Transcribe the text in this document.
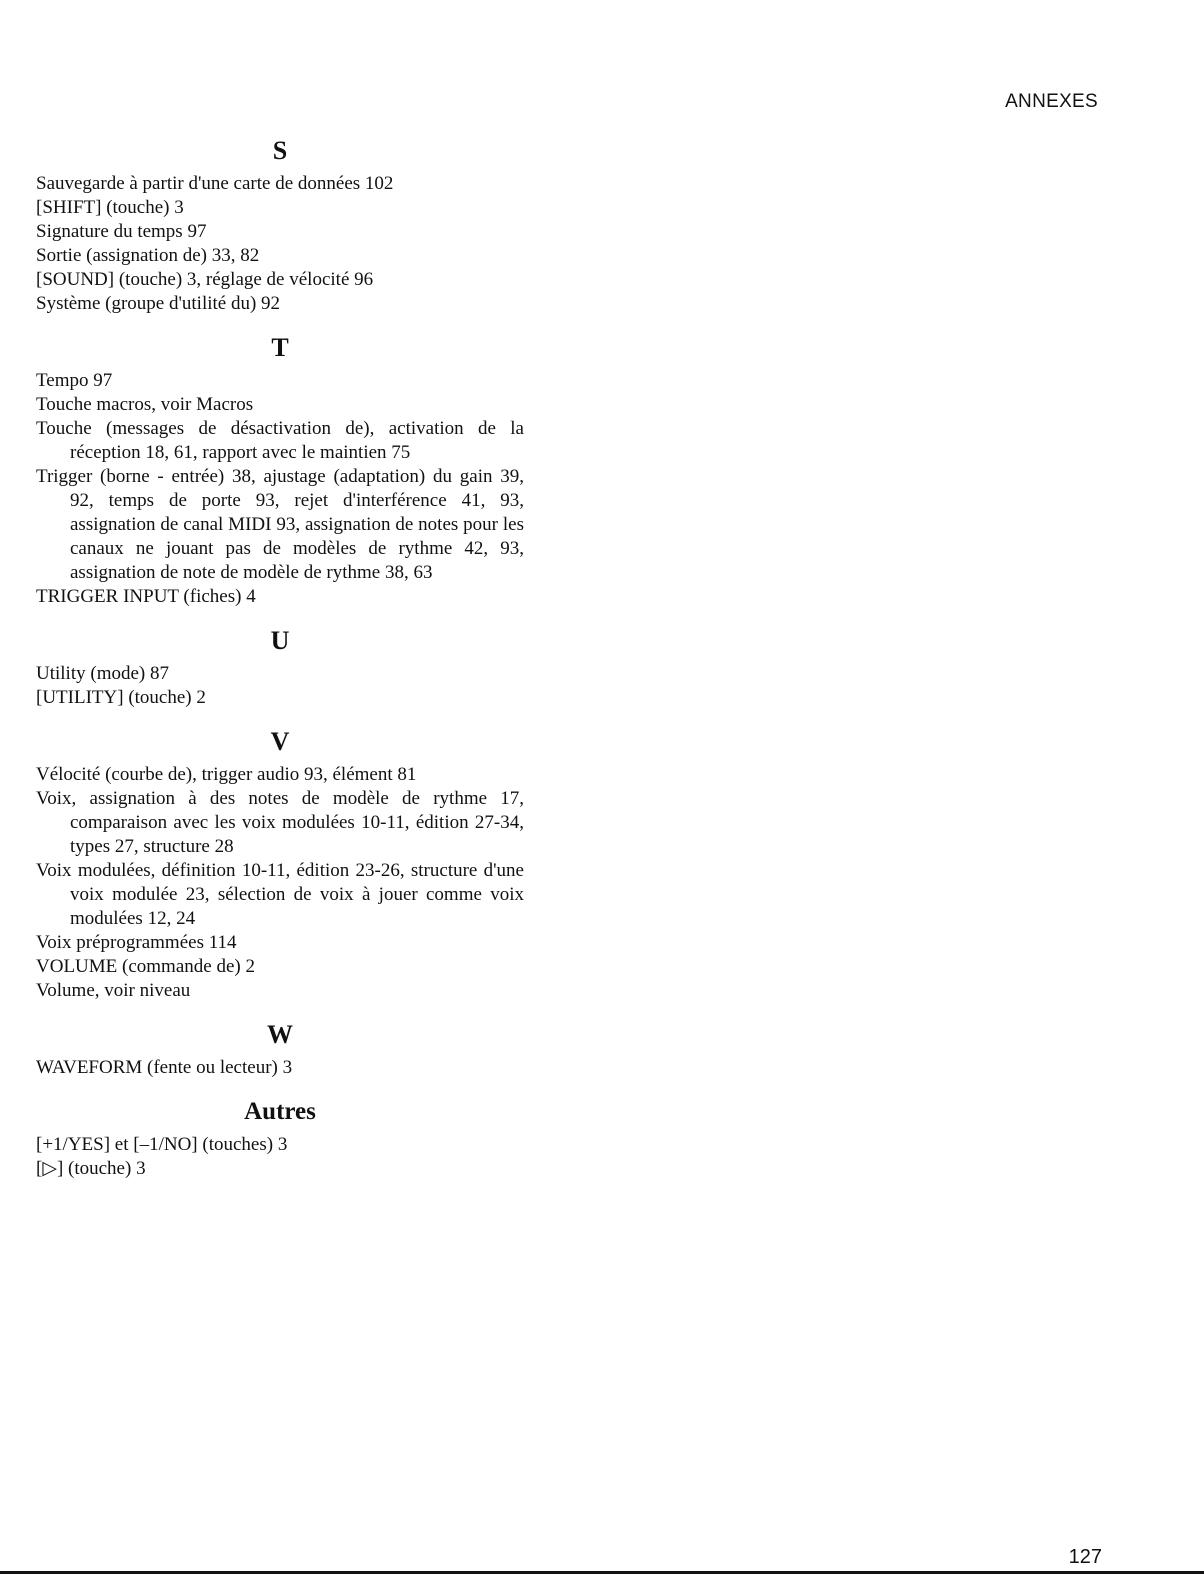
ANNEXES
S
Sauvegarde à partir d'une carte de données 102
[SHIFT] (touche) 3
Signature du temps 97
Sortie (assignation de) 33, 82
[SOUND] (touche) 3, réglage de vélocité 96
Système (groupe d'utilité du) 92
T
Tempo 97
Touche macros, voir Macros
Touche (messages de désactivation de), activation de la réception 18, 61, rapport avec le maintien 75
Trigger (borne - entrée) 38, ajustage (adaptation) du gain 39, 92, temps de porte 93, rejet d'interférence 41, 93, assignation de canal MIDI 93, assignation de notes pour les canaux ne jouant pas de modèles de rythme 42, 93, assignation de note de modèle de rythme 38, 63
TRIGGER INPUT (fiches) 4
U
Utility (mode) 87
[UTILITY] (touche) 2
V
Vélocité (courbe de), trigger audio 93, élément 81
Voix, assignation à des notes de modèle de rythme 17, comparaison avec les voix modulées 10-11, édition 27-34, types 27, structure 28
Voix modulées, définition 10-11, édition 23-26, structure d'une voix modulée 23, sélection de voix à jouer comme voix modulées 12, 24
Voix préprogrammées 114
VOLUME (commande de) 2
Volume, voir niveau
W
WAVEFORM (fente ou lecteur) 3
Autres
[+1/YES] et [–1/NO] (touches) 3
[▷] (touche) 3
127
